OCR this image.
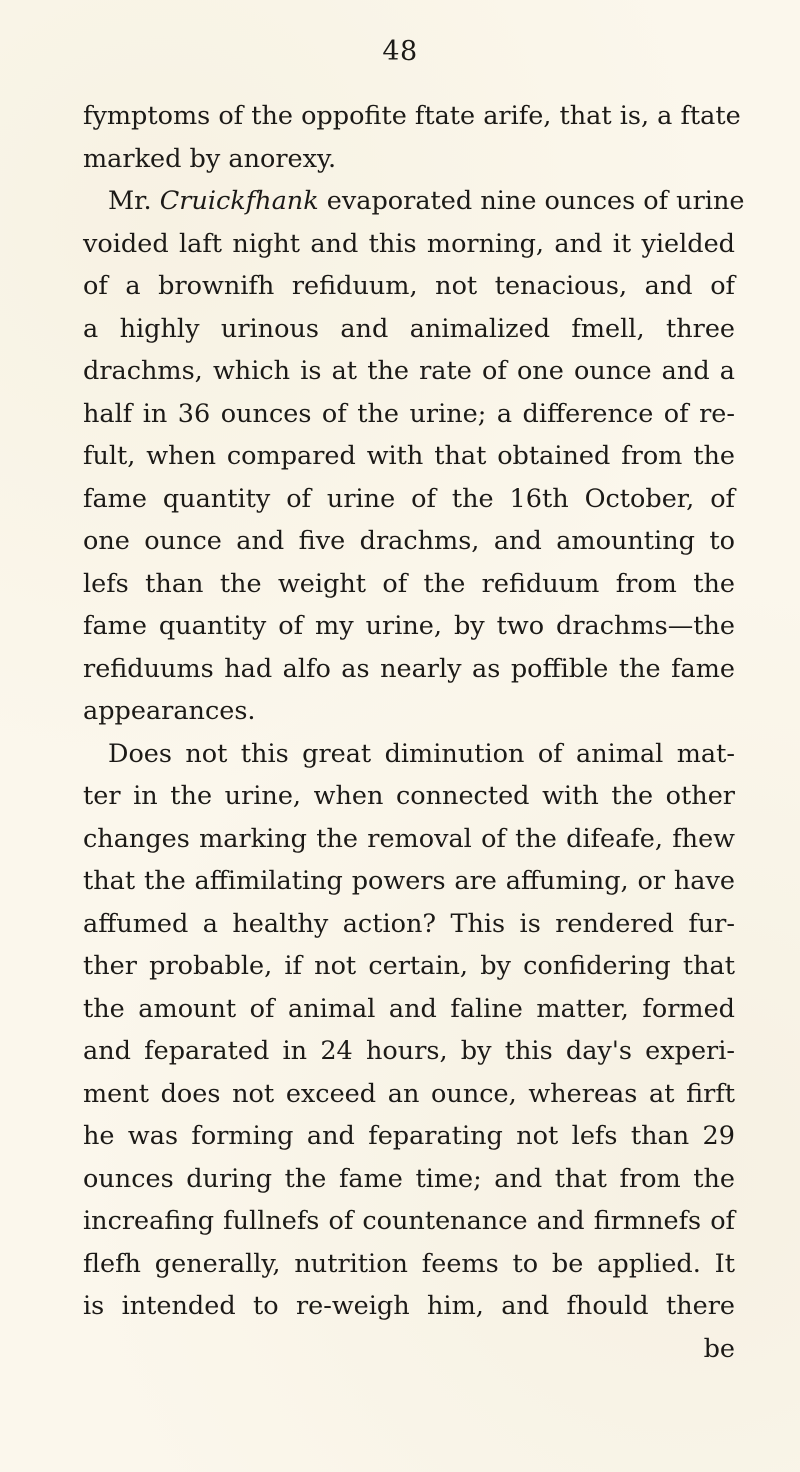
48
fymptoms of the oppofite ftate arife, that is, a ftate
marked by anorexy.
Mr. Cruickfhank evaporated nine ounces of urine
voided laft night and this morning, and it yielded
of a brownifh refiduum, not tenacious, and of
a highly urinous and animalized fmell, three
drachms, which is at the rate of one ounce and a
half in 36 ounces of the urine; a difference of re-
fult, when compared with that obtained from the
fame quantity of urine of the 16th October, of
one ounce and five drachms, and amounting to
lefs than the weight of the refiduum from the
fame quantity of my urine, by two drachms—the
refiduums had alfo as nearly as poffible the fame
appearances.
Does not this great diminution of animal mat-
ter in the urine, when connected with the other
changes marking the removal of the difeafe, fhew
that the affimilating powers are affuming, or have
affumed a healthy action? This is rendered fur-
ther probable, if not certain, by confidering that
the amount of animal and faline matter, formed
and feparated in 24 hours, by this day's experi-
ment does not exceed an ounce, whereas at firft
he was forming and feparating not lefs than 29
ounces during the fame time; and that from the
increafing fullnefs of countenance and firmnefs of
flefh generally, nutrition feems to be applied. It
is intended to re-weigh him, and fhould there
be
